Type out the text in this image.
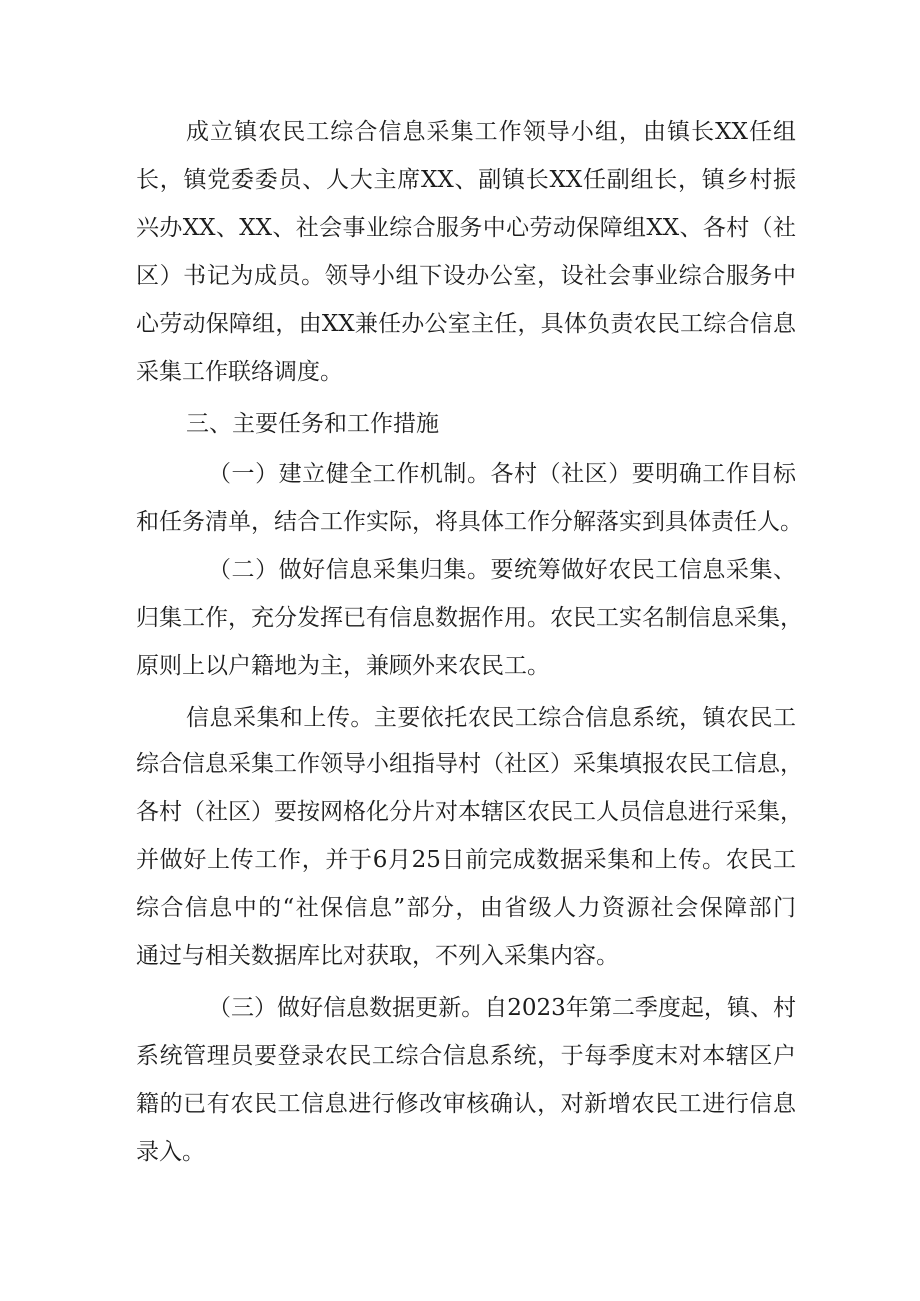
成立镇农民工综合信息采集工作领导小组，由镇长XX任组
长，镇党委委员、人大主席XX、副镇长XX任副组长，镇乡村振
兴办XX、XX、社会事业综合服务中心劳动保障组XX、各村（社
区）书记为成员。领导小组下设办公室，设社会事业综合服务中
心劳动保障组，由XX兼任办公室主任，具体负责农民工综合信息
采集工作联络调度。
三、主要任务和工作措施
（一）建立健全工作机制。各村（社区）要明确工作目标
和任务清单，结合工作实际，将具体工作分解落实到具体责任人。
（二）做好信息采集归集。要统筹做好农民工信息采集、
归集工作，充分发挥已有信息数据作用。农民工实名制信息采集，
原则上以户籍地为主，兼顾外来农民工。
信息采集和上传。主要依托农民工综合信息系统，镇农民工
综合信息采集工作领导小组指导村（社区）采集填报农民工信息，
各村（社区）要按网格化分片对本辖区农民工人员信息进行采集，
并做好上传工作，并于6月25日前完成数据采集和上传。农民工
综合信息中的“社保信息”部分，由省级人力资源社会保障部门
通过与相关数据库比对获取，不列入采集内容。
（三）做好信息数据更新。自2023年第二季度起，镇、村
系统管理员要登录农民工综合信息系统，于每季度末对本辖区户
籍的已有农民工信息进行修改审核确认，对新增农民工进行信息
录入。
